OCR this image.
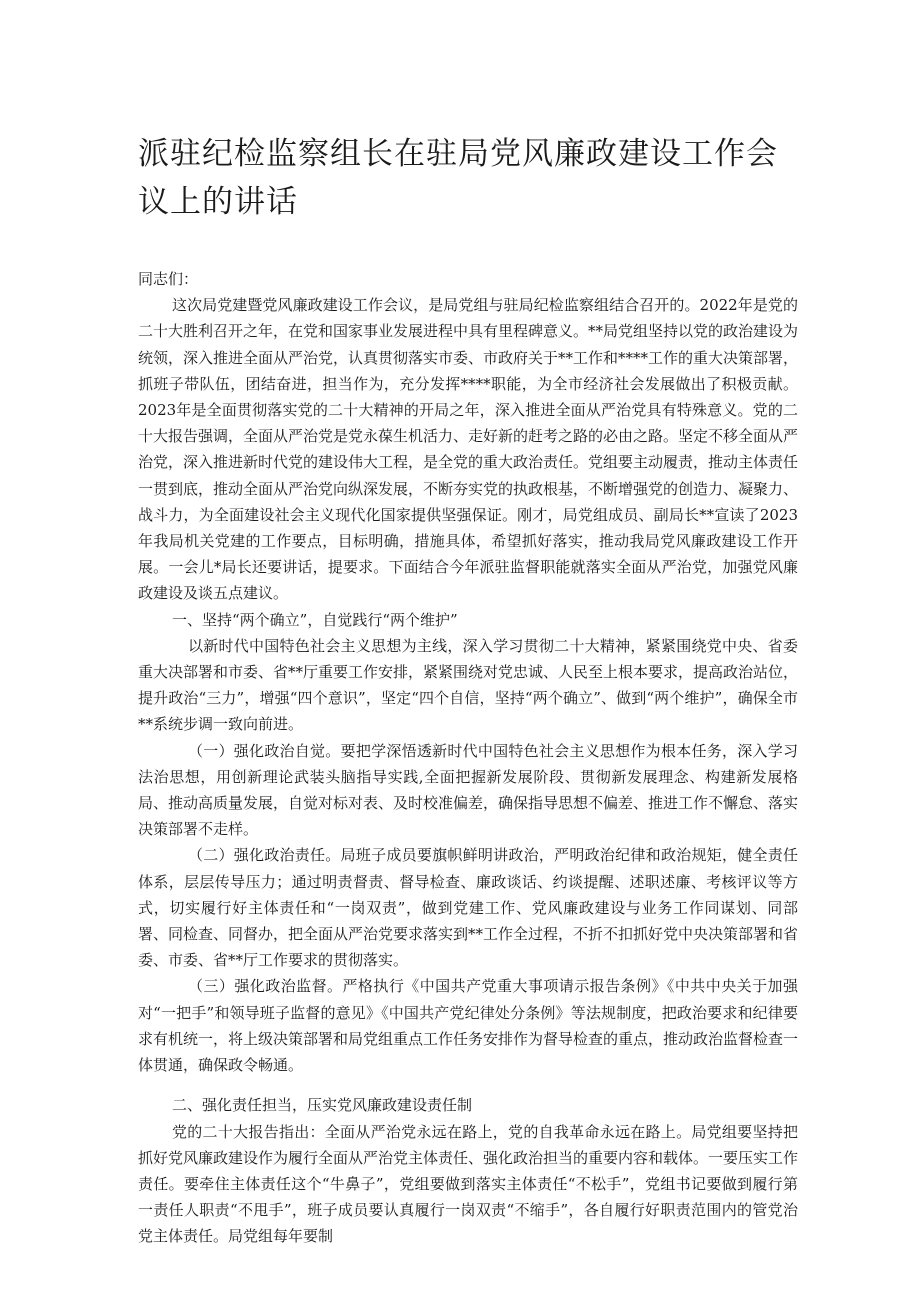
派驻纪检监察组长在驻局党风廉政建设工作会议上的讲话

同志们：

这次局党建暨党风廉政建设工作会议，是局党组与驻局纪检监察组结合召开的。2022年是党的二十大胜利召开之年，在党和国家事业发展进程中具有里程碑意义。**局党组坚持以党的政治建设为统领，深入推进全面从严治党，认真贯彻落实市委、市政府关于**工作和****工作的重大决策部署，抓班子带队伍，团结奋进，担当作为，充分发挥****职能，为全市经济社会发展做出了积极贡献。2023年是全面贯彻落实党的二十大精神的开局之年，深入推进全面从严治党具有特殊意义。党的二十大报告强调，全面从严治党是党永葆生机活力、走好新的赶考之路的必由之路。坚定不移全面从严治党，深入推进新时代党的建设伟大工程，是全党的重大政治责任。党组要主动履责，推动主体责任一贯到底，推动全面从严治党向纵深发展，不断夯实党的执政根基，不断增强党的创造力、凝聚力、战斗力，为全面建设社会主义现代化国家提供坚强保证。刚才，局党组成员、副局长**宣读了2023年我局机关党建的工作要点，目标明确，措施具体，希望抓好落实，推动我局党风廉政建设工作开展。一会儿*局长还要讲话，提要求。下面结合今年派驻监督职能就落实全面从严治党，加强党风廉政建设及谈五点建议。

一、坚持“两个确立”，自觉践行“两个维护”

以新时代中国特色社会主义思想为主线，深入学习贯彻二十大精神，紧紧围绕党中央、省委重大决部署和市委、省**厅重要工作安排，紧紧围绕对党忠诚、人民至上根本要求，提高政治站位，提升政治“三力”，增强“四个意识”，坚定“四个自信，坚持“两个确立”、做到“两个维护”，确保全市**系统步调一致向前进。

（一）强化政治自觉。要把学深悟透新时代中国特色社会主义思想作为根本任务，深入学习法治思想，用创新理论武装头脑指导实践,全面把握新发展阶段、贯彻新发展理念、构建新发展格局、推动高质量发展，自觉对标对表、及时校准偏差，确保指导思想不偏差、推进工作不懈怠、落实决策部署不走样。

（二）强化政治责任。局班子成员要旗帜鲜明讲政治，严明政治纪律和政治规矩，健全责任体系，层层传导压力；通过明责督责、督导检查、廉政谈话、约谈提醒、述职述廉、考核评议等方式，切实履行好主体责任和“一岗双责”，做到党建工作、党风廉政建设与业务工作同谋划、同部署、同检查、同督办，把全面从严治党要求落实到**工作全过程，不折不扣抓好党中央决策部署和省委、市委、省**厅工作要求的贯彻落实。

（三）强化政治监督。严格执行《中国共产党重大事项请示报告条例》《中共中央关于加强对“一把手”和领导班子监督的意见》《中国共产党纪律处分条例》等法规制度，把政治要求和纪律要求有机统一，将上级决策部署和局党组重点工作任务安排作为督导检查的重点，推动政治监督检查一体贯通，确保政令畅通。

二、强化责任担当，压实党风廉政建设责任制

党的二十大报告指出：全面从严治党永远在路上，党的自我革命永远在路上。局党组要坚持把抓好党风廉政建设作为履行全面从严治党主体责任、强化政治担当的重要内容和载体。一要压实工作责任。要牵住主体责任这个“牛鼻子”，党组要做到落实主体责任“不松手”，党组书记要做到履行第一责任人职责“不甩手”，班子成员要认真履行一岗双责“不缩手”，各自履行好职责范围内的管党治党主体责任。局党组每年要制
